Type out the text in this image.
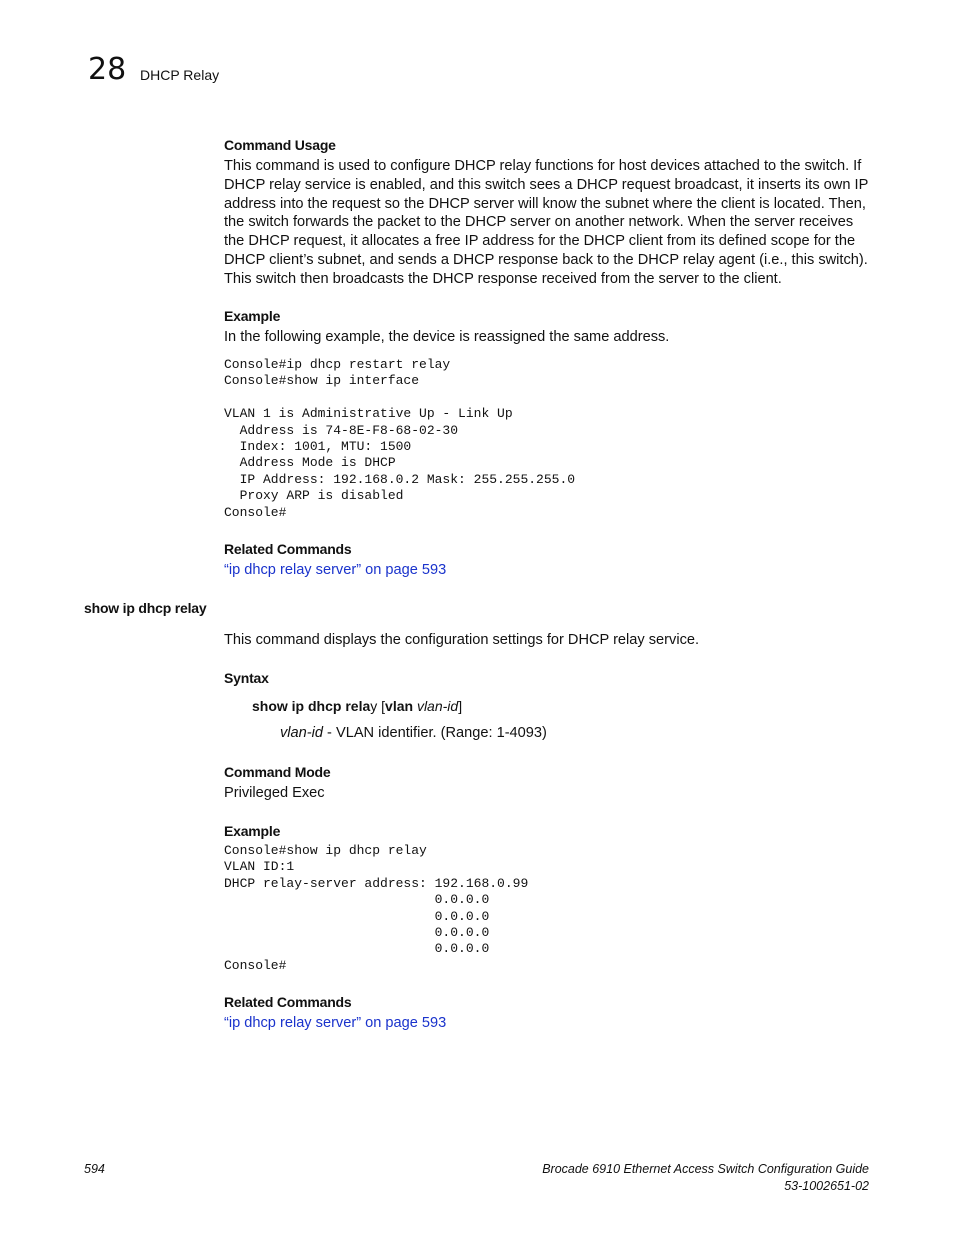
28 DHCP Relay
Command Usage
This command is used to configure DHCP relay functions for host devices attached to the switch. If DHCP relay service is enabled, and this switch sees a DHCP request broadcast, it inserts its own IP address into the request so the DHCP server will know the subnet where the client is located. Then, the switch forwards the packet to the DHCP server on another network. When the server receives the DHCP request, it allocates a free IP address for the DHCP client from its defined scope for the DHCP client’s subnet, and sends a DHCP response back to the DHCP relay agent (i.e., this switch). This switch then broadcasts the DHCP response received from the server to the client.
Example
In the following example, the device is reassigned the same address.
Console#ip dhcp restart relay
Console#show ip interface

VLAN 1 is Administrative Up - Link Up
Address is 74-8E-F8-68-02-30
Index: 1001, MTU: 1500
Address Mode is DHCP
IP Address: 192.168.0.2 Mask: 255.255.255.0
Proxy ARP is disabled
Console#
Related Commands
“ip dhcp relay server” on page 593
show ip dhcp relay
This command displays the configuration settings for DHCP relay service.
Syntax
show ip dhcp relay [vlan vlan-id]
vlan-id - VLAN identifier. (Range: 1-4093)
Command Mode
Privileged Exec
Example
Console#show ip dhcp relay
VLAN ID:1
DHCP relay-server address: 192.168.0.99
0.0.0.0
0.0.0.0
0.0.0.0
0.0.0.0
Console#
Related Commands
“ip dhcp relay server” on page 593
594	Brocade 6910 Ethernet Access Switch Configuration Guide
53-1002651-02
